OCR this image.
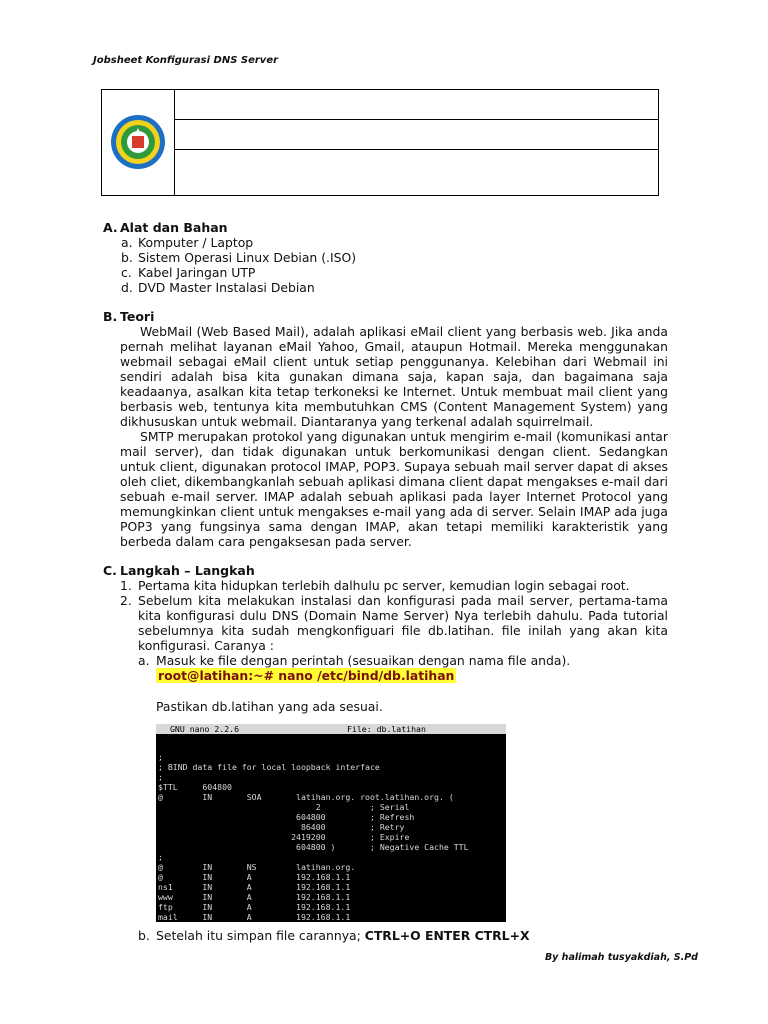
Jobsheet Konfigurasi DNS Server
A. Alat dan Bahan
a. Komputer / Laptop
b. Sistem Operasi Linux Debian (.ISO)
c. Kabel Jaringan UTP
d. DVD Master Instalasi Debian
B. Teori

WebMail (Web Based Mail), adalah aplikasi eMail client yang berbasis web. Jika anda pernah melihat layanan eMail Yahoo, Gmail, ataupun Hotmail. Mereka menggunakan webmail sebagai eMail client untuk setiap penggunanya. Kelebihan dari Webmail ini sendiri adalah bisa kita gunakan dimana saja, kapan saja, dan bagaimana saja keadaanya, asalkan kita tetap terkoneksi ke Internet. Untuk membuat mail client yang berbasis web, tentunya kita membutuhkan CMS (Content Management System) yang dikhususkan untuk webmail. Diantaranya yang terkenal adalah squirrelmail.

SMTP merupakan protokol yang digunakan untuk mengirim e-mail (komunikasi antar mail server), dan tidak digunakan untuk berkomunikasi dengan client. Sedangkan untuk client, digunakan protocol IMAP, POP3. Supaya sebuah mail server dapat di akses oleh cliet, dikembangkanlah sebuah aplikasi dimana client dapat mengakses e-mail dari sebuah e-mail server. IMAP adalah sebuah aplikasi pada layer Internet Protocol yang memungkinkan client untuk mengakses e-mail yang ada di server. Selain IMAP ada juga POP3 yang fungsinya sama dengan IMAP, akan tetapi memiliki karakteristik yang berbeda dalam cara pengaksesan pada server.

C. Langkah – Langkah
1. Pertama kita hidupkan terlebih dalhulu pc server, kemudian login sebagai root.
2. Sebelum kita melakukan instalasi dan konfigurasi pada mail server, pertama-tama kita konfigurasi dulu DNS (Domain Name Server) Nya terlebih dahulu. Pada tutorial sebelumnya kita sudah mengkonfiguari file db.latihan. file inilah yang akan kita konfigurasi. Caranya :
a. Masuk ke file dengan perintah (sesuaikan dengan nama file anda).
root@latihan:~# nano /etc/bind/db.latihan
Pastikan db.latihan yang ada sesuai.
GNU nano 2.2.6	File: db.latihan

;
; BIND data file for local loopback interface
;
$TTL     604800
@        IN       SOA       latihan.org. root.latihan.org. (
2          ; Serial
604800         ; Refresh
86400         ; Retry
2419200         ; Expire
604800 )       ; Negative Cache TTL
;
@        IN       NS        latihan.org.
@        IN       A         192.168.1.1
ns1      IN       A         192.168.1.1
www      IN       A         192.168.1.1
ftp      IN       A         192.168.1.1
mail     IN       A         192.168.1.1
b. Setelah itu simpan file carannya; CTRL+O ENTER CTRL+X
By halimah tusyakdiah, S.Pd
